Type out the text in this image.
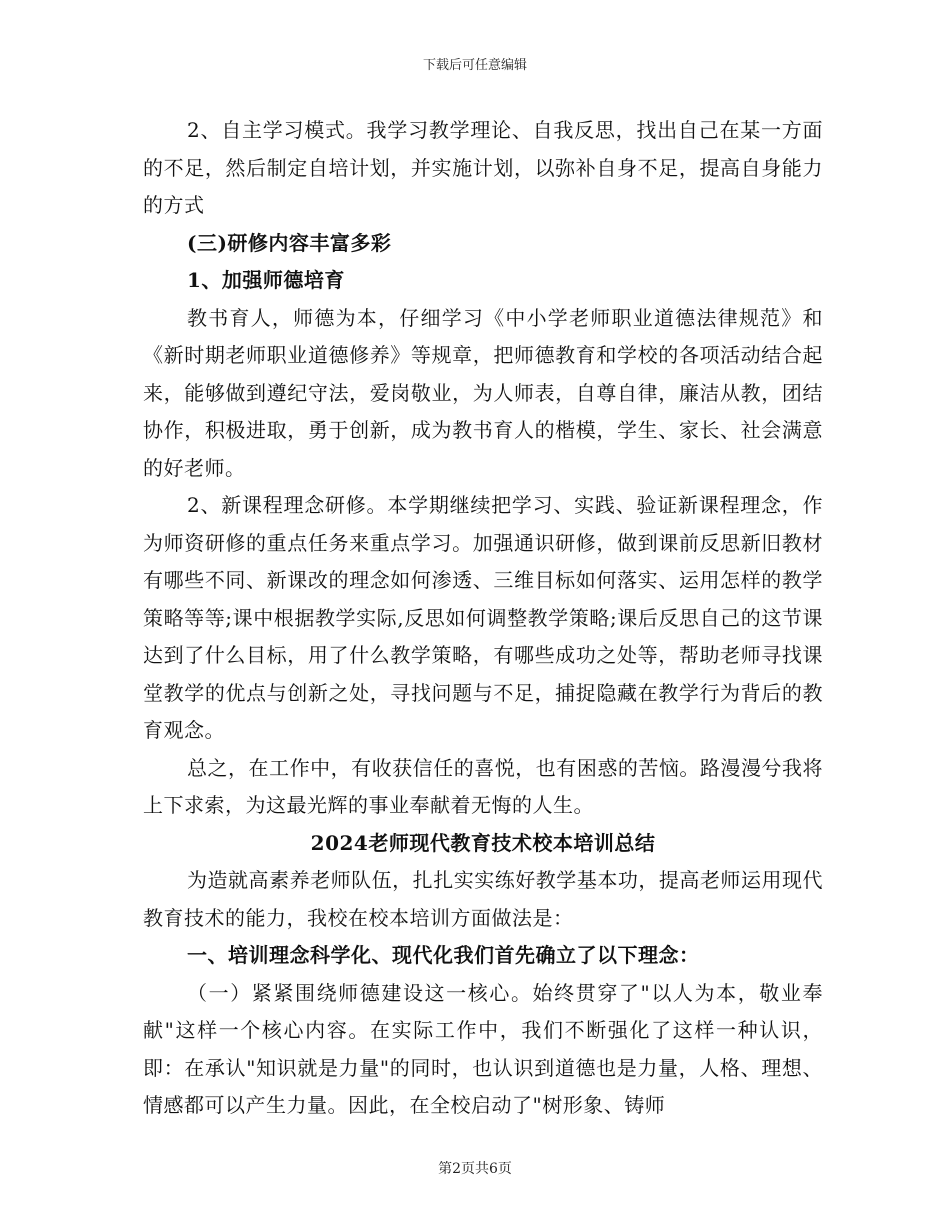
下载后可任意编辑

2、自主学习模式。我学习教学理论、自我反思，找出自己在某一方面的不足，然后制定自培计划，并实施计划，以弥补自身不足，提高自身能力的方式

(三)研修内容丰富多彩

1、加强师德培育

教书育人，师德为本，仔细学习《中小学老师职业道德法律规范》和《新时期老师职业道德修养》等规章，把师德教育和学校的各项活动结合起来，能够做到遵纪守法，爱岗敬业，为人师表，自尊自律，廉洁从教，团结协作，积极进取，勇于创新，成为教书育人的楷模，学生、家长、社会满意的好老师。

2、新课程理念研修。本学期继续把学习、实践、验证新课程理念，作为师资研修的重点任务来重点学习。加强通识研修，做到课前反思新旧教材有哪些不同、新课改的理念如何渗透、三维目标如何落实、运用怎样的教学策略等等;课中根据教学实际,反思如何调整教学策略;课后反思自己的这节课达到了什么目标，用了什么教学策略，有哪些成功之处等，帮助老师寻找课堂教学的优点与创新之处，寻找问题与不足，捕捉隐藏在教学行为背后的教育观念。

总之，在工作中，有收获信任的喜悦，也有困惑的苦恼。路漫漫兮我将上下求索，为这最光辉的事业奉献着无悔的人生。

2024老师现代教育技术校本培训总结

为造就高素养老师队伍，扎扎实实练好教学基本功，提高老师运用现代教育技术的能力，我校在校本培训方面做法是：

一、培训理念科学化、现代化我们首先确立了以下理念：

（一）紧紧围绕师德建设这一核心。始终贯穿了"以人为本，敬业奉献"这样一个核心内容。在实际工作中，我们不断强化了这样一种认识，即：在承认"知识就是力量"的同时，也认识到道德也是力量，人格、理想、情感都可以产生力量。因此，在全校启动了"树形象、铸师

第2页共6页
